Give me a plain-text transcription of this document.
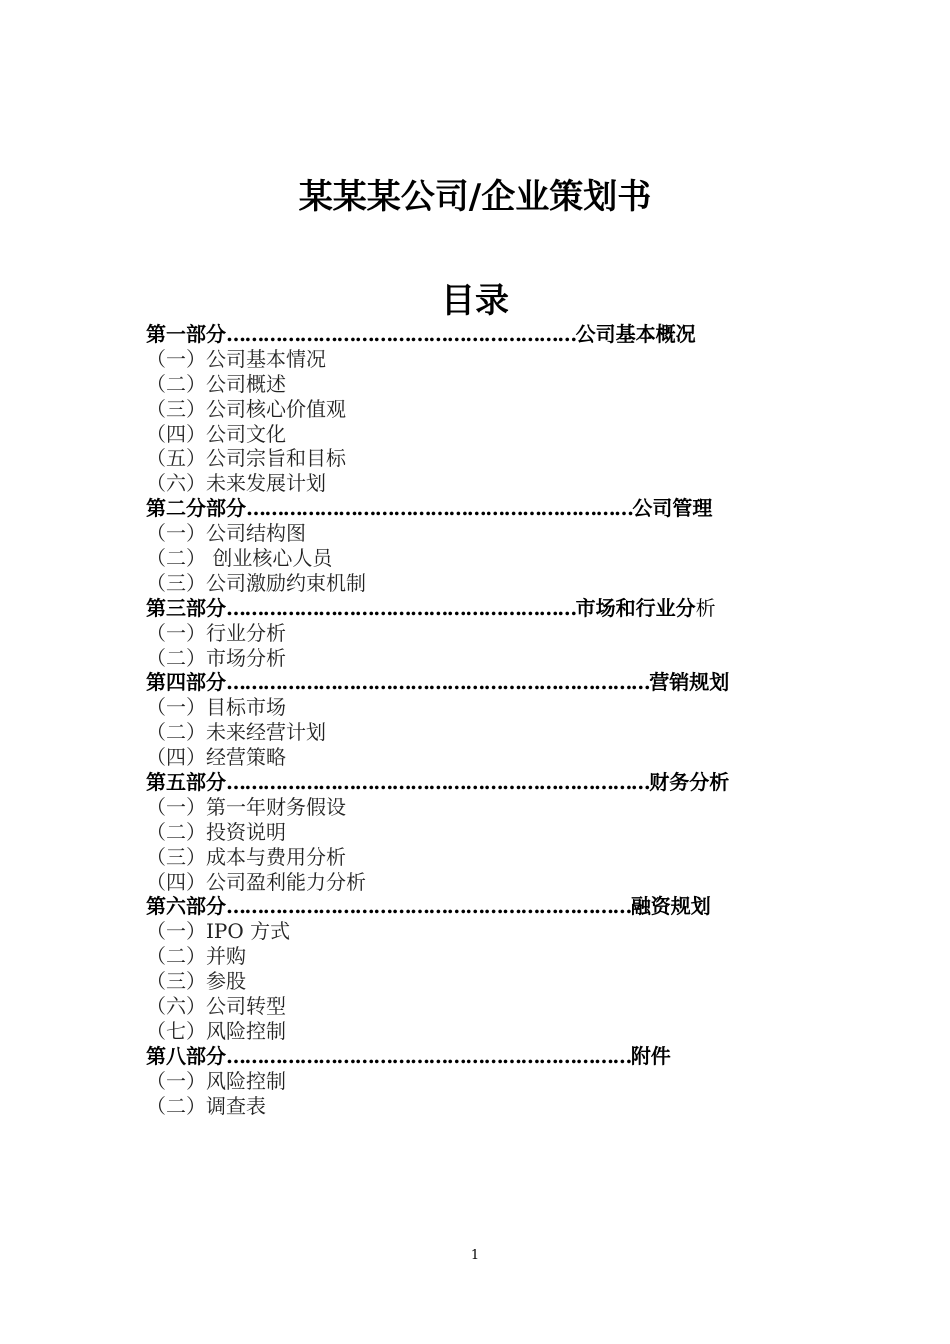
某某某公司/企业策划书
目录
第一部分…………………………………………………公司基本概况
（一）公司基本情况
（二）公司概述
（三）公司核心价值观
（四）公司文化
（五）公司宗旨和目标
（六）未来发展计划
第二分部分………………………………………………………公司管理
（一）公司结构图
（二） 创业核心人员
（三）公司激励约束机制
第三部分…………………………………………………市场和行业分析
（一）行业分析
（二）市场分析
第四部分……………………………………………………………营销规划
（一）目标市场
（二）未来经营计划
（四）经营策略
第五部分……………………………………………………………财务分析
（一）第一年财务假设
（二）投资说明
（三）成本与费用分析
（四）公司盈利能力分析
第六部分…………………………………………………………融资规划
（一）IPO 方式
（二）并购
（三）参股
（六）公司转型
（七）风险控制
第八部分…………………………………………………………附件
（一）风险控制
（二）调查表
1
